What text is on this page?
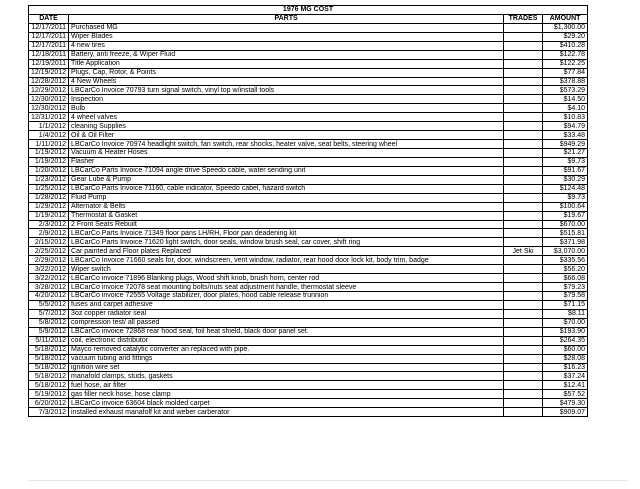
1976 MG COST			
DATE	PARTS	TRADES	AMOUNT
12/17/2011	Purchased MG		$1,300.00
12/17/2011	Wiper Blades		$29.20
12/17/2011	4 new tires		$410.28
12/18/2011	Battery, anti freeze, & Wiper Fluid		$122.78
12/19/2011	Title Application		$122.25
12/19/2012	Plugs, Cap, Rotor, & Points		$77.84
12/28/2012	4 New Wheels		$378.88
12/29/2012	LBCarCo Invoice 70793 turn signal switch, vinyl top w/install tools		$573.29
12/30/2012	Inspection		$14.50
12/30/2012	Bulb		$4.10
12/31/2012	4 wheel valves		$10.83
1/1/2012	cleaning Supplies		$94.79
1/4/2012	Oil & Oil Filter		$33.48
1/11/2012	LBCarCo Invoice 70974 headlight switch, fan switch, rear shocks, heater valve, seat belts, steering wheel		$949.29
1/19/2012	Vacuum & Heater Hoses		$21.27
1/19/2012	Flasher		$9.73
1/20/2012	LBCarCo Parts Invoice 71094 angle drive Speedo cable, water sending unit		$91.67
1/23/2012	Gear Lube & Pump		$30.29
1/25/2012	LBCarCo Parts Invoice 71160, cable indicator, Speedo cabel, hazard switch		$124.48
1/28/2012	Fluid Pump		$9.73
1/29/2012	Alternator & Belts		$100.64
1/19/2012	Thermostat & Gasket		$19.67
2/3/2012	2 Front Seats Rebuilt		$670.00
2/9/2012	LBCarCo Parts Invoice 71349 floor pans LH/RH, Floor pan deadening kit		$515.81
2/15/2012	LBCarCo Parts Invoice 71620 light switch, door seals, window brush seal, car cover, shift ring		$371.98
2/25/2012	Car painted and Floor plates Replaced	Jet Ski	$3,070.00
2/29/2012	LBCarCo Invoice 71660 seals for, door, windscreen, vent window, radiator, rear hood door lock kit, body trim, badge		$335.56
3/22/2012	Wiper switch		$56.20
3/22/2012	LBCarCo invoice 71896 Blanking plugs, Wood shift knob, brush horn, center rod		$66.08
3/28/2012	LBCarCo invoice 72078 seat mounting bolts/nuts seat adjustment handle, thermostat sleeve		$79.23
4/20/2012	LBCarCo invoice 72555 Voltage stabilizer, door plates, hood cable release trunnion		$79.58
5/5/2012	fuses and carpet adhesive		$71.15
5/7/2012	3oz copper radiator seal		$8.11
5/8/2012	compression test/ all passed		$70.00
5/9/2012	LBCarCo invoice 72868 rear hood seal, foil heat shield, black door panel set.		$193.90
5/11/2012	coil, electronic distributor		$264.35
5/18/2012	Mayco removed catalytic converter an replaced with pipe.		$60.00
5/18/2012	vacuum tubing and fittings		$28.08
5/18/2012	ignition wire set		$16.23
5/18/2012	manafold clamps, studs, gaskets		$37.24
5/18/2012	fuel hose, air filter		$12.41
5/19/2012	gas filler neck hose, hose clamp		$57.52
6/20/2012	LBCarCo invoice 63604 black molded carpet		$479.30
7/3/2012	installed exhaust manafolf kit and weber carberator		$909.07
